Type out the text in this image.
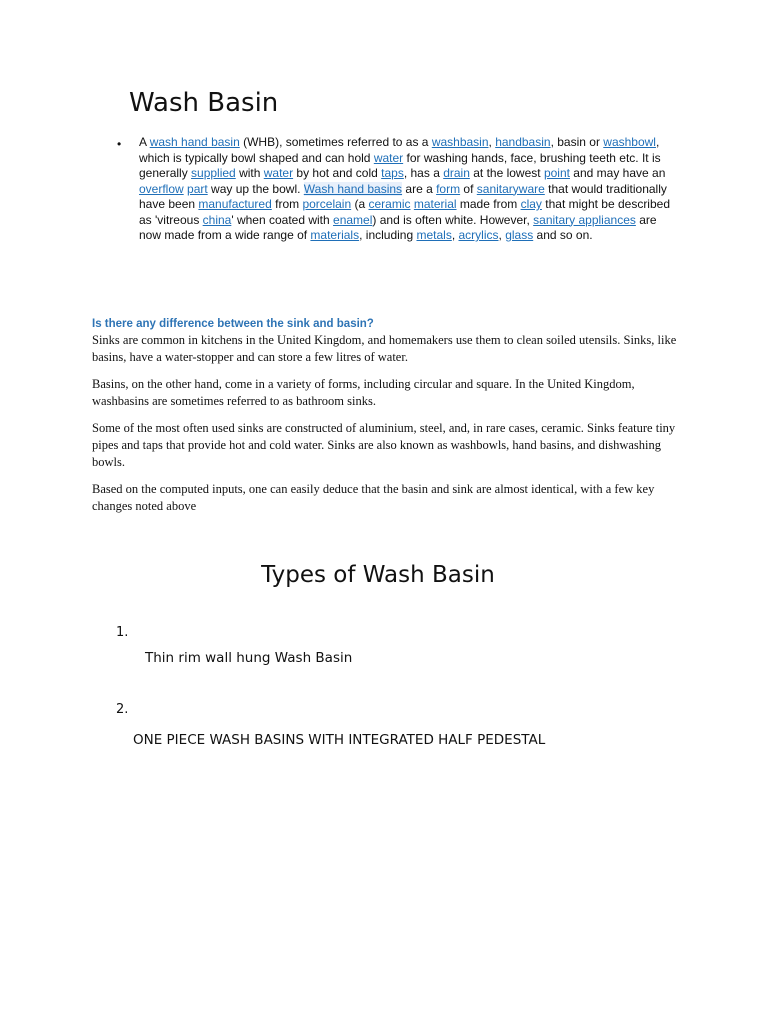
Wash Basin
• A wash hand basin (WHB), sometimes referred to as a washbasin, handbasin, basin or washbowl, which is typically bowl shaped and can hold water for washing hands, face, brushing teeth etc. It is generally supplied with water by hot and cold taps, has a drain at the lowest point and may have an overflow part way up the bowl. Wash hand basins are a form of sanitaryware that would traditionally have been manufactured from porcelain (a ceramic material made from clay that might be described as 'vitreous china' when coated with enamel) and is often white. However, sanitary appliances are now made from a wide range of materials, including metals, acrylics, glass and so on.

Is there any difference between the sink and basin?

Sinks are common in kitchens in the United Kingdom, and homemakers use them to clean soiled utensils. Sinks, like basins, have a water-stopper and can store a few litres of water.

Basins, on the other hand, come in a variety of forms, including circular and square. In the United Kingdom, washbasins are sometimes referred to as bathroom sinks.

Some of the most often used sinks are constructed of aluminium, steel, and, in rare cases, ceramic. Sinks feature tiny pipes and taps that provide hot and cold water. Sinks are also known as washbowls, hand basins, and dishwashing bowls.

Based on the computed inputs, one can easily deduce that the basin and sink are almost identical, with a few key changes noted above

Types of Wash Basin
1.
Thin rim wall hung Wash Basin
2.
ONE PIECE WASH BASINS WITH INTEGRATED HALF PEDESTAL
